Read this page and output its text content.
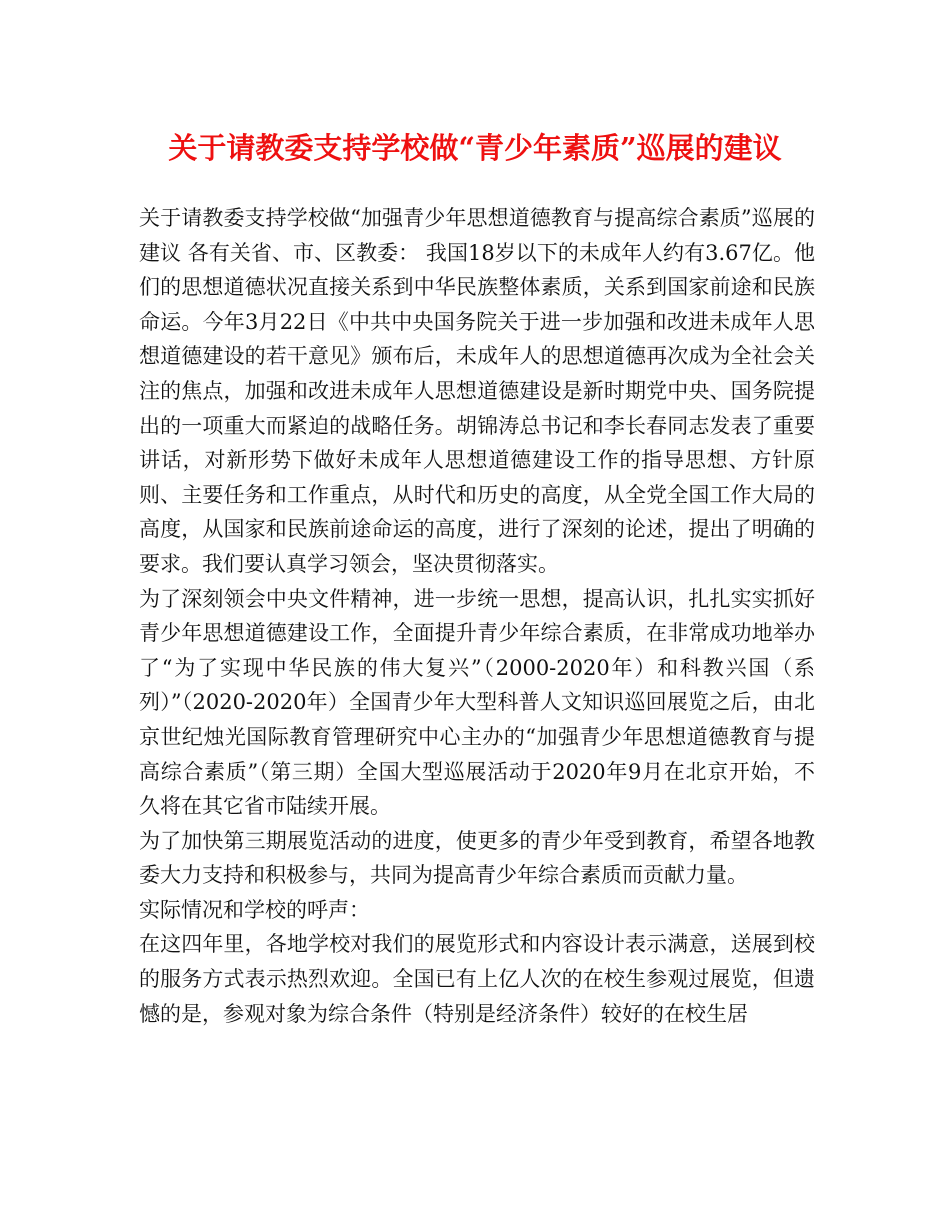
关于请教委支持学校做“青少年素质”巡展的建议

关于请教委支持学校做“加强青少年思想道德教育与提高综合素质”巡展的建议 各有关省、市、区教委： 我国18岁以下的未成年人约有3.67亿。他们的思想道德状况直接关系到中华民族整体素质，关系到国家前途和民族命运。今年3月22日《中共中央国务院关于进一步加强和改进未成年人思想道德建设的若干意见》颁布后，未成年人的思想道德再次成为全社会关注的焦点，加强和改进未成年人思想道德建设是新时期党中央、国务院提出的一项重大而紧迫的战略任务。胡锦涛总书记和李长春同志发表了重要讲话，对新形势下做好未成年人思想道德建设工作的指导思想、方针原则、主要任务和工作重点，从时代和历史的高度，从全党全国工作大局的高度，从国家和民族前途命运的高度，进行了深刻的论述，提出了明确的要求。我们要认真学习领会，坚决贯彻落实。

为了深刻领会中央文件精神，进一步统一思想，提高认识，扎扎实实抓好青少年思想道德建设工作，全面提升青少年综合素质，在非常成功地举办了“为了实现中华民族的伟大复兴”（2000-2020年）和科教兴国（系列）”（2020-2020年）全国青少年大型科普人文知识巡回展览之后，由北京世纪烛光国际教育管理研究中心主办的“加强青少年思想道德教育与提高综合素质”（第三期）全国大型巡展活动于2020年9月在北京开始，不久将在其它省市陆续开展。

为了加快第三期展览活动的进度，使更多的青少年受到教育，希望各地教委大力支持和积极参与，共同为提高青少年综合素质而贡献力量。

实际情况和学校的呼声：

在这四年里，各地学校对我们的展览形式和内容设计表示满意，送展到校的服务方式表示热烈欢迎。全国已有上亿人次的在校生参观过展览，但遗憾的是，参观对象为综合条件（特别是经济条件）较好的在校生居
